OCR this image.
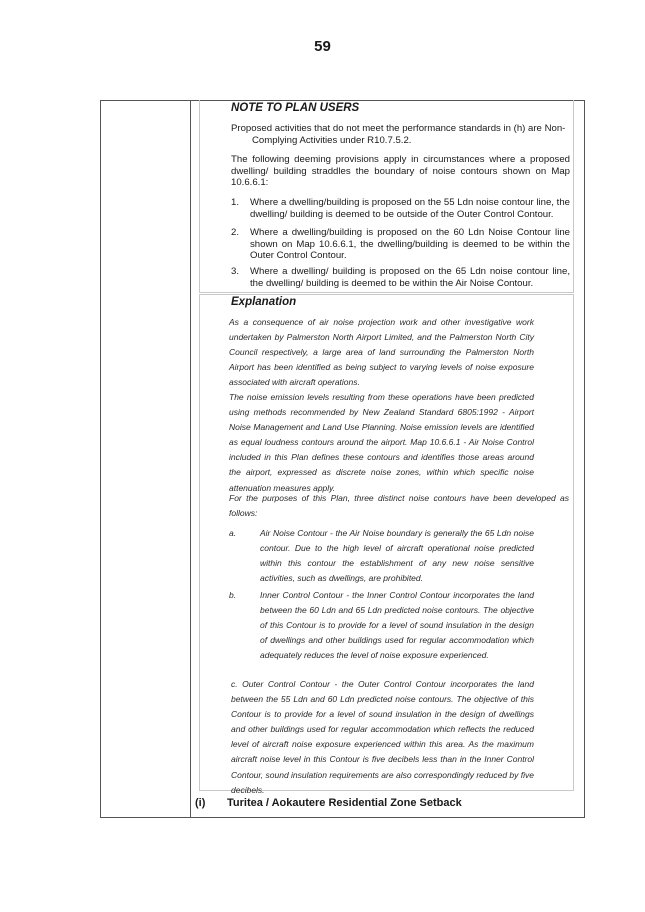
59
NOTE TO PLAN USERS
Proposed activities that do not meet the performance standards in (h) are Non-
Complying Activities under R10.7.5.2.
The following deeming provisions apply in circumstances where a proposed dwelling/ building straddles the boundary of noise contours shown on Map 10.6.6.1:
1. Where a dwelling/building is proposed on the 55 Ldn noise contour line, the dwelling/ building is deemed to be outside of the Outer Control Contour.
2. Where a dwelling/building is proposed on the 60 Ldn Noise Contour line shown on Map 10.6.6.1, the dwelling/building is deemed to be within the Outer Control Contour.
3. Where a dwelling/ building is proposed on the 65 Ldn noise contour line, the dwelling/ building is deemed to be within the Air Noise Contour.
Explanation
As a consequence of air noise projection work and other investigative work undertaken by Palmerston North Airport Limited, and the Palmerston North City Council respectively, a large area of land surrounding the Palmerston North Airport has been identified as being subject to varying levels of noise exposure associated with aircraft operations.
The noise emission levels resulting from these operations have been predicted using methods recommended by New Zealand Standard 6805:1992 - Airport Noise Management and Land Use Planning. Noise emission levels are identified as equal loudness contours around the airport. Map 10.6.6.1 - Air Noise Control included in this Plan defines these contours and identifies those areas around the airport, expressed as discrete noise zones, within which specific noise attenuation measures apply.
For the purposes of this Plan, three distinct noise contours have been developed as follows:
a.	Air Noise Contour - the Air Noise boundary is generally the 65 Ldn noise contour. Due to the high level of aircraft operational noise predicted within this contour the establishment of any new noise sensitive activities, such as dwellings, are prohibited.
b.	Inner Control Contour - the Inner Control Contour incorporates the land between the 60 Ldn and 65 Ldn predicted noise contours. The objective of this Contour is to provide for a level of sound insulation in the design of dwellings and other buildings used for regular accommodation which adequately reduces the level of noise exposure experienced.
c. Outer Control Contour - the Outer Control Contour incorporates the land between the 55 Ldn and 60 Ldn predicted noise contours. The objective of this Contour is to provide for a level of sound insulation in the design of dwellings and other buildings used for regular accommodation which reflects the reduced level of aircraft noise exposure experienced within this area. As the maximum aircraft noise level in this Contour is five decibels less than in the Inner Control Contour, sound insulation requirements are also correspondingly reduced by five decibels.
(i) Turitea / Aokautere Residential Zone Setback
